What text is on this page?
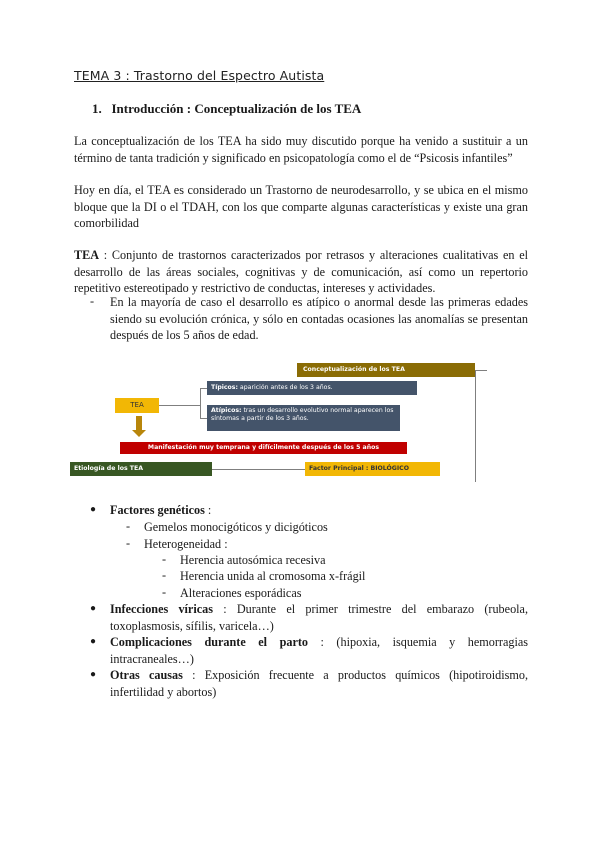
TEMA 3 : Trastorno del Espectro Autista
1. Introducción : Conceptualización de los TEA
La conceptualización de los TEA ha sido muy discutido porque ha venido a sustituir a un término de tanta tradición y significado en psicopatología como el de “Psicosis infantiles”
Hoy en día, el TEA es considerado un Trastorno de neurodesarrollo, y se ubica en el mismo bloque que la DI o el TDAH, con los que comparte algunas características y existe una gran comorbilidad
TEA : Conjunto de trastornos caracterizados por retrasos y alteraciones cualitativas en el desarrollo de las áreas sociales, cognitivas y de comunicación, así como un repertorio repetitivo estereotipado y restrictivo de conductas, intereses y actividades.
- En la mayoría de caso el desarrollo es atípico o anormal desde las primeras edades siendo su evolución crónica, y sólo en contadas ocasiones las anomalías se presentan después de los 5 años de edad.
Conceptualización de los TEA
Típicos: aparición antes de los 3 años.
Atípicos: tras un desarrollo evolutivo normal aparecen los síntomas a partir de los 3 años.
TEA
Manifestación muy temprana y difícilmente después de los 5 años
Etiología de los TEA	Factor Principal : BIOLÓGICO
● Factores genéticos :
- Gemelos monocigóticos y dicigóticos
- Heterogeneidad :
- Herencia autosómica recesiva
- Herencia unida al cromosoma x-frágil
- Alteraciones esporádicas
● Infecciones víricas : Durante el primer trimestre del embarazo (rubeola, toxoplasmosis, sífilis, varicela…)
● Complicaciones durante el parto : (hipoxia, isquemia y hemorragias intracraneales…)
● Otras causas : Exposición frecuente a productos químicos (hipotiroidismo, infertilidad y abortos)
